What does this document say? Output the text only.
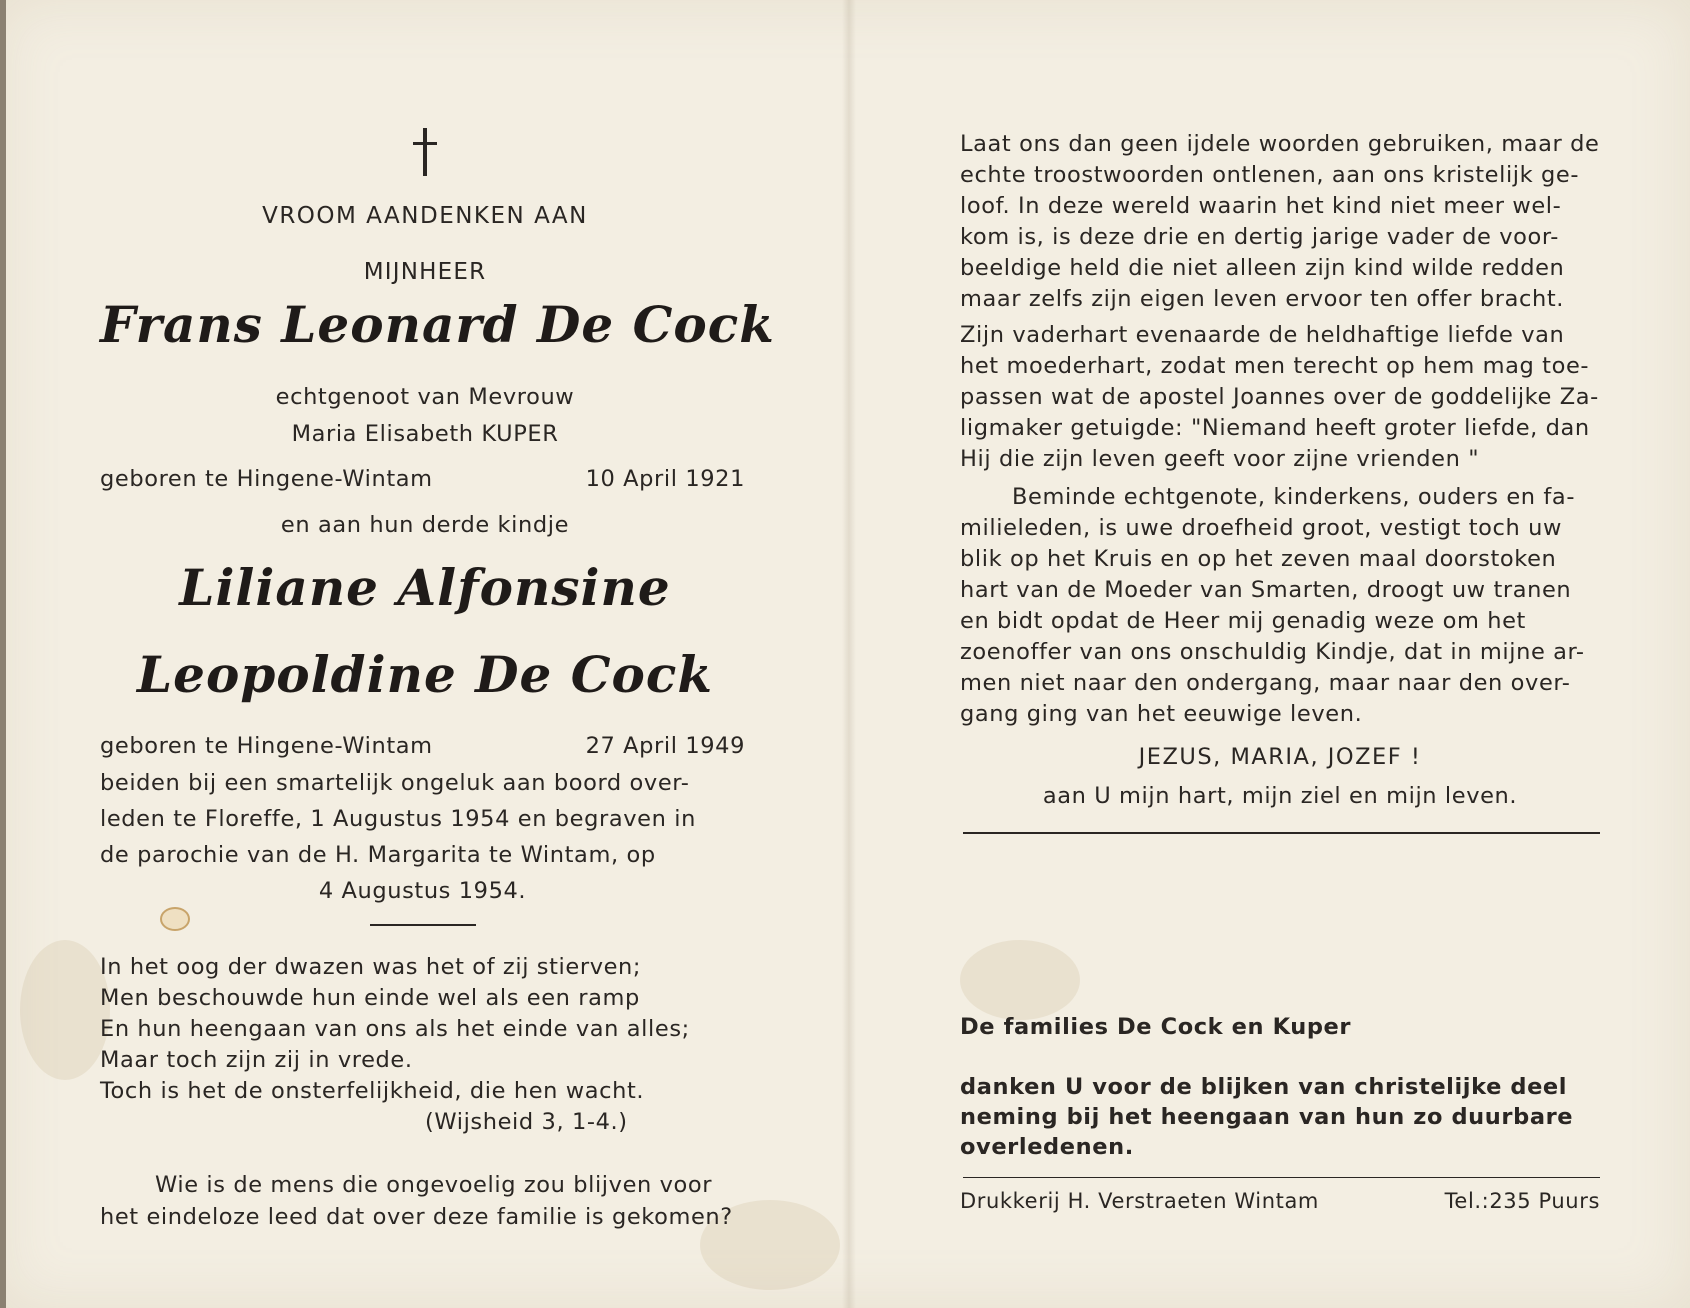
VROOM AANDENKEN AAN
MIJNHEER
Frans Leonard De Cock
echtgenoot van Mevrouw
Maria Elisabeth KUPER
geboren te Hingene-Wintam	10 April 1921
en aan hun derde kindje
Liliane Alfonsine
Leopoldine De Cock
geboren te Hingene-Wintam	27 April 1949
beiden bij een smartelijk ongeluk aan boord over-
leden te Floreffe, 1 Augustus 1954 en begraven in
de parochie van de H. Margarita te Wintam, op
4 Augustus 1954.
In het oog der dwazen was het of zij stierven;
Men beschouwde hun einde wel als een ramp
En hun heengaan van ons als het einde van alles;
Maar toch zijn zij in vrede.
Toch is het de onsterfelijkheid, die hen wacht.
(Wijsheid 3, 1-4.)
Wie is de mens die ongevoelig zou blijven voor
het eindeloze leed dat over deze familie is gekomen?
Laat ons dan geen ijdele woorden gebruiken, maar de
echte troostwoorden ontlenen, aan ons kristelijk ge-
loof. In deze wereld waarin het kind niet meer wel-
kom is, is deze drie en dertig jarige vader de voor-
beeldige held die niet alleen zijn kind wilde redden
maar zelfs zijn eigen leven ervoor ten offer bracht.
Zijn vaderhart evenaarde de heldhaftige liefde van
het moederhart, zodat men terecht op hem mag toe-
passen wat de apostel Joannes over de goddelijke Za-
ligmaker getuigde: "Niemand heeft groter liefde, dan
Hij die zijn leven geeft voor zijne vrienden "
Beminde echtgenote, kinderkens, ouders en fa-
milieleden, is uwe droefheid groot, vestigt toch uw
blik op het Kruis en op het zeven maal doorstoken
hart van de Moeder van Smarten, droogt uw tranen
en bidt opdat de Heer mij genadig weze om het
zoenoffer van ons onschuldig Kindje, dat in mijne ar-
men niet naar den ondergang, maar naar den over-
gang ging van het eeuwige leven.
JEZUS, MARIA, JOZEF !
aan U mijn hart, mijn ziel en mijn leven.
De families De Cock en Kuper
danken U voor de blijken van christelijke deel
neming bij het heengaan van hun zo duurbare
overledenen.
Drukkerij H. Verstraeten Wintam	Tel.:235 Puurs
